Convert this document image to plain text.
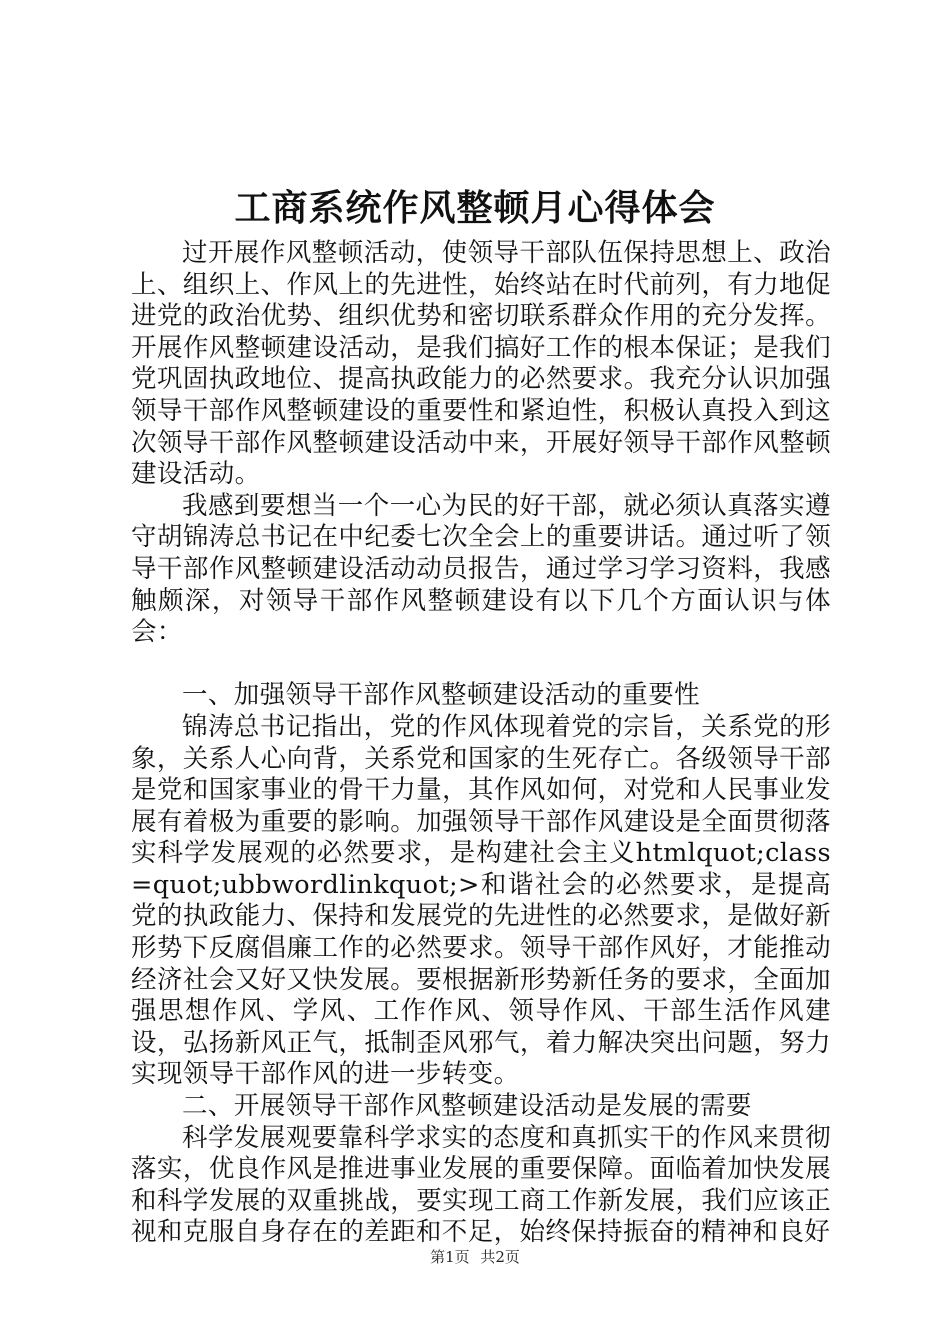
工商系统作风整顿月心得体会

过开展作风整顿活动，使领导干部队伍保持思想上、政治上、组织上、作风上的先进性，始终站在时代前列，有力地促进党的政治优势、组织优势和密切联系群众作用的充分发挥。开展作风整顿建设活动，是我们搞好工作的根本保证；是我们党巩固执政地位、提高执政能力的必然要求。我充分认识加强领导干部作风整顿建设的重要性和紧迫性，积极认真投入到这次领导干部作风整顿建设活动中来，开展好领导干部作风整顿建设活动。

我感到要想当一个一心为民的好干部，就必须认真落实遵守胡锦涛总书记在中纪委七次全会上的重要讲话。通过听了领导干部作风整顿建设活动动员报告，通过学习学习资料，我感触颇深，对领导干部作风整顿建设有以下几个方面认识与体会：

一、加强领导干部作风整顿建设活动的重要性

锦涛总书记指出，党的作风体现着党的宗旨，关系党的形象，关系人心向背，关系党和国家的生死存亡。各级领导干部是党和国家事业的骨干力量，其作风如何，对党和人民事业发展有着极为重要的影响。加强领导干部作风建设是全面贯彻落实科学发展观的必然要求，是构建社会主义htmlquot;class=quot;ubbwordlinkquot;>和谐社会的必然要求，是提高党的执政能力、保持和发展党的先进性的必然要求，是做好新形势下反腐倡廉工作的必然要求。领导干部作风好，才能推动经济社会又好又快发展。要根据新形势新任务的要求，全面加强思想作风、学风、工作作风、领导作风、干部生活作风建设，弘扬新风正气，抵制歪风邪气，着力解决突出问题，努力实现领导干部作风的进一步转变。

二、开展领导干部作风整顿建设活动是发展的需要

科学发展观要靠科学求实的态度和真抓实干的作风来贯彻落实，优良作风是推进事业发展的重要保障。面临着加快发展和科学发展的双重挑战，要实现工商工作新发展，我们应该正视和克服自身存在的差距和不足，始终保持振奋的精神和良好

第1页 共2页
